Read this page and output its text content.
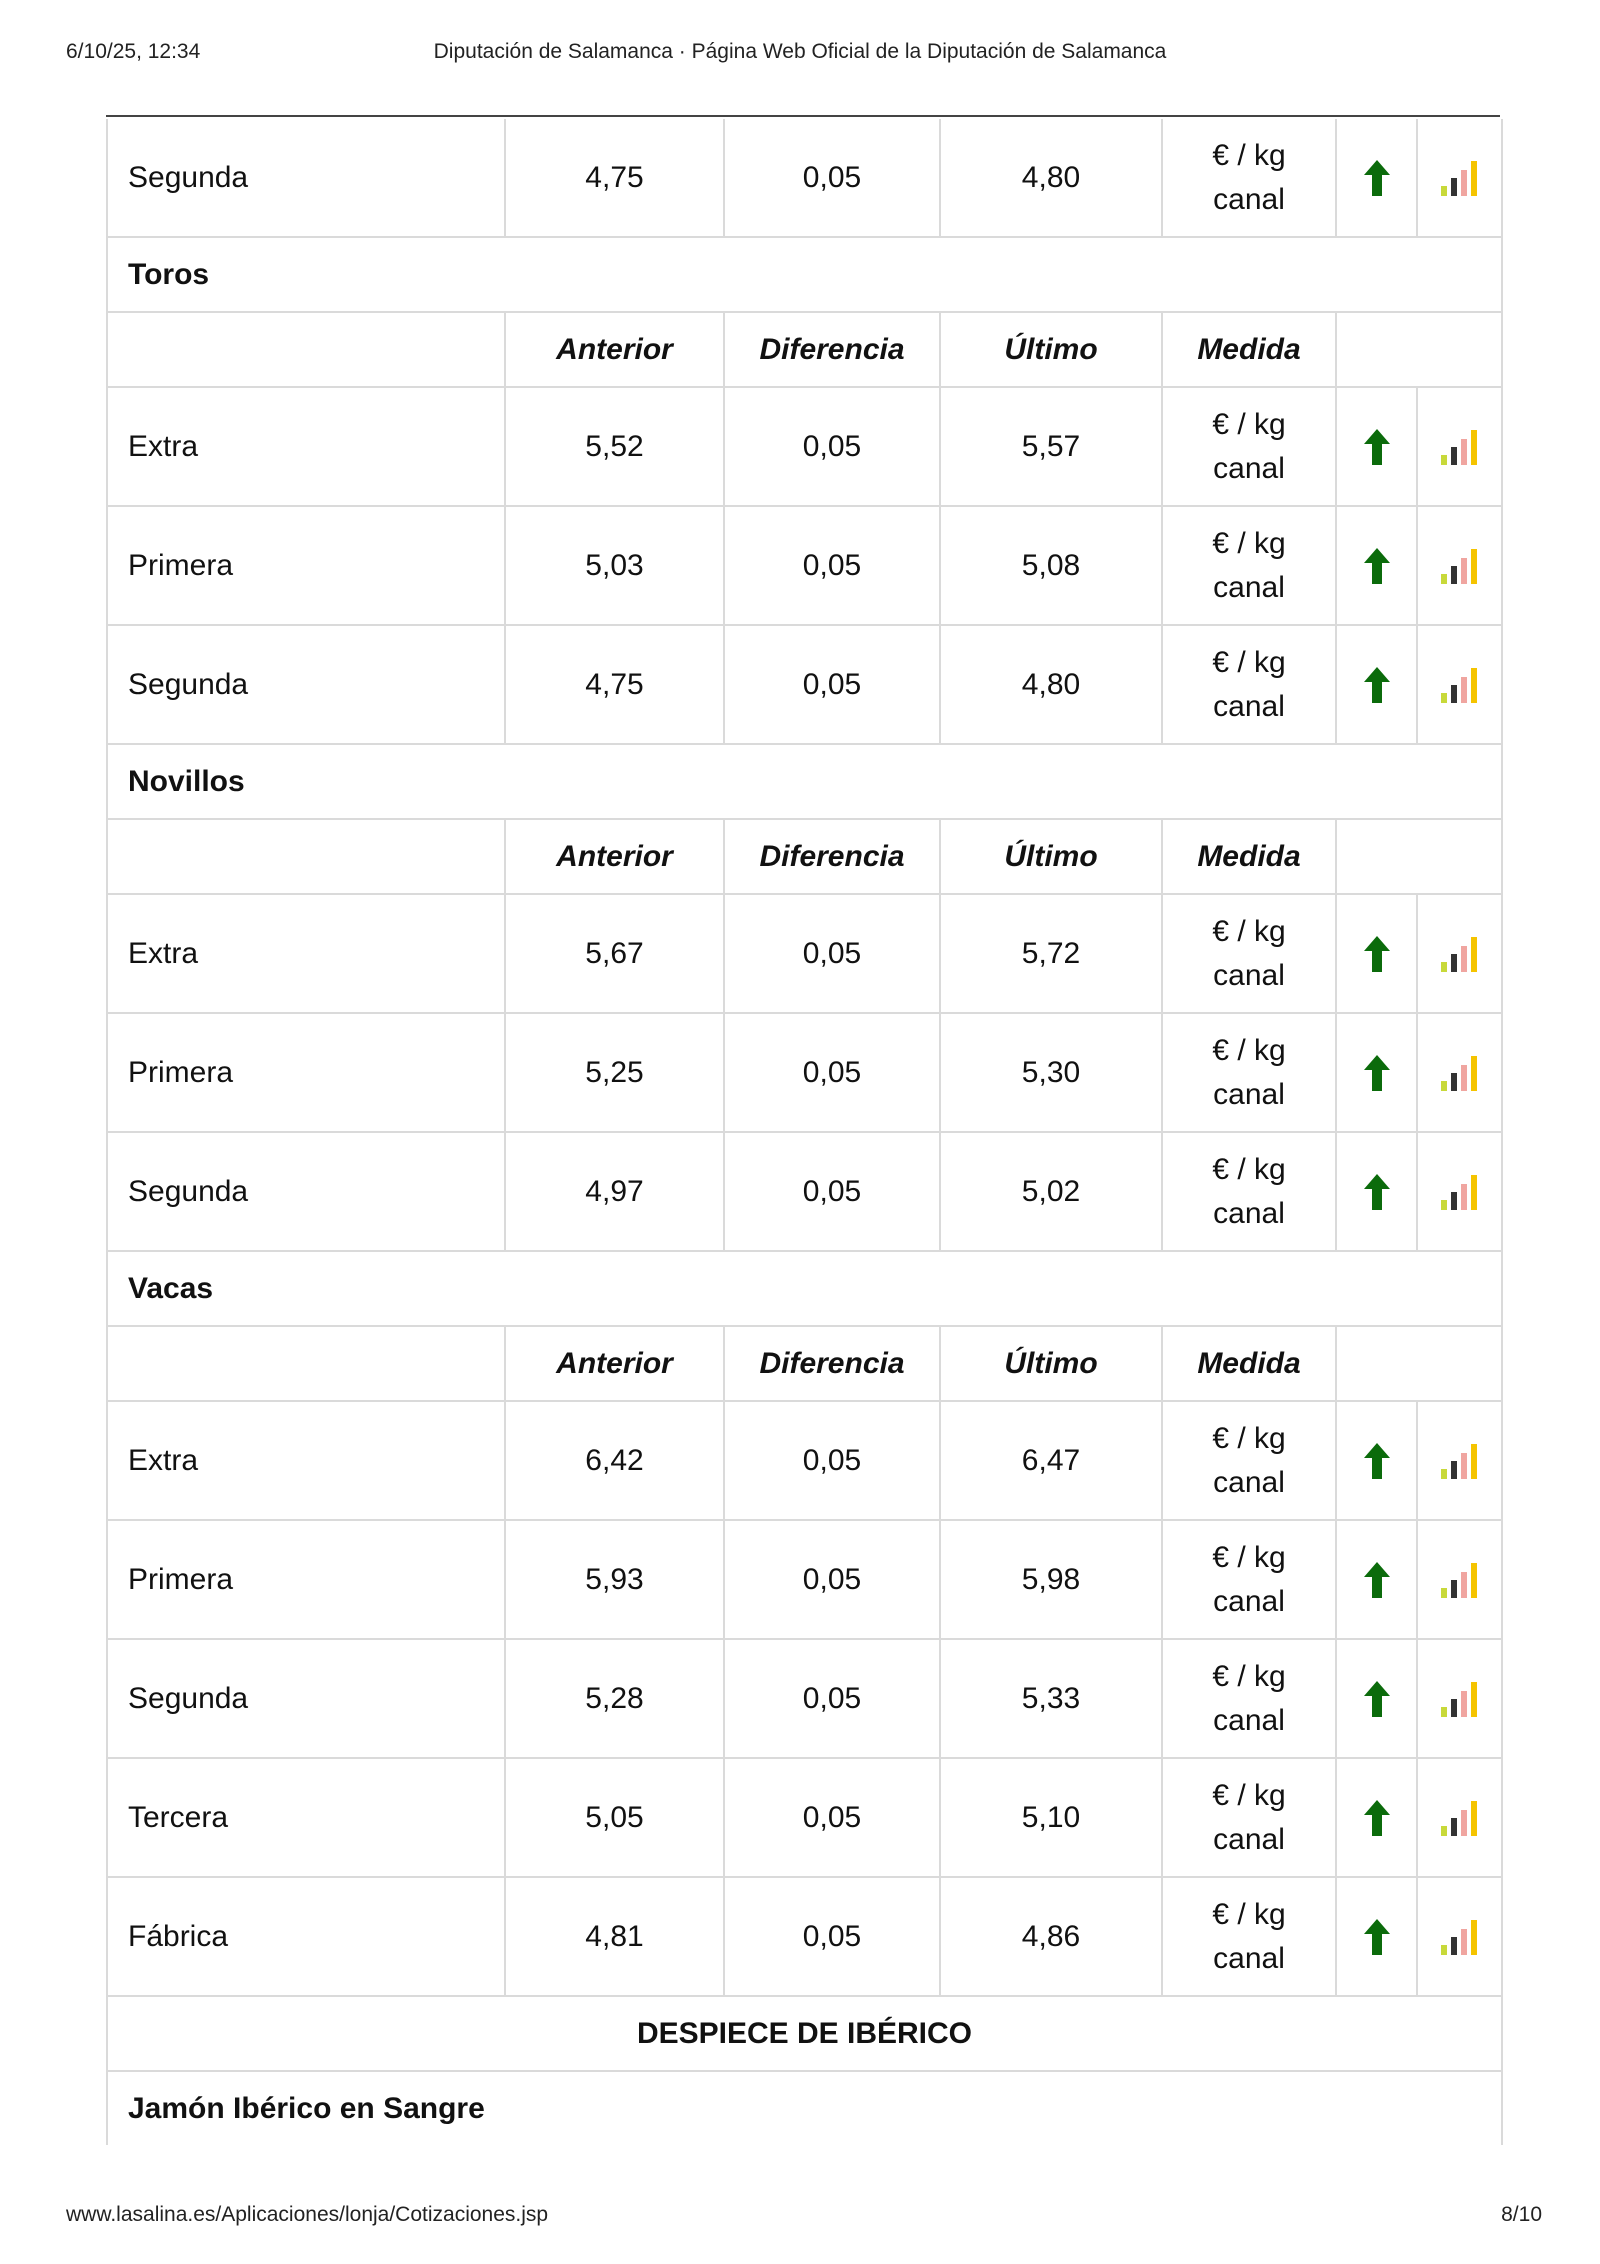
6/10/25, 12:34	Diputación de Salamanca · Página Web Oficial de la Diputación de Salamanca
Segunda	4,75	0,05	4,80	€ / kg
canal		
Toros						
	Anterior	Diferencia	Último	Medida		
Extra	5,52	0,05	5,57	€ / kg
canal		
Primera	5,03	0,05	5,08	€ / kg
canal		
Segunda	4,75	0,05	4,80	€ / kg
canal		
Novillos						
	Anterior	Diferencia	Último	Medida		
Extra	5,67	0,05	5,72	€ / kg
canal		
Primera	5,25	0,05	5,30	€ / kg
canal		
Segunda	4,97	0,05	5,02	€ / kg
canal		
Vacas						
	Anterior	Diferencia	Último	Medida		
Extra	6,42	0,05	6,47	€ / kg
canal		
Primera	5,93	0,05	5,98	€ / kg
canal		
Segunda	5,28	0,05	5,33	€ / kg
canal		
Tercera	5,05	0,05	5,10	€ / kg
canal		
Fábrica	4,81	0,05	4,86	€ / kg
canal		
DESPIECE DE IBÉRICO						
Jamón Ibérico en Sangre						
www.lasalina.es/Aplicaciones/lonja/Cotizaciones.jsp	8/10
